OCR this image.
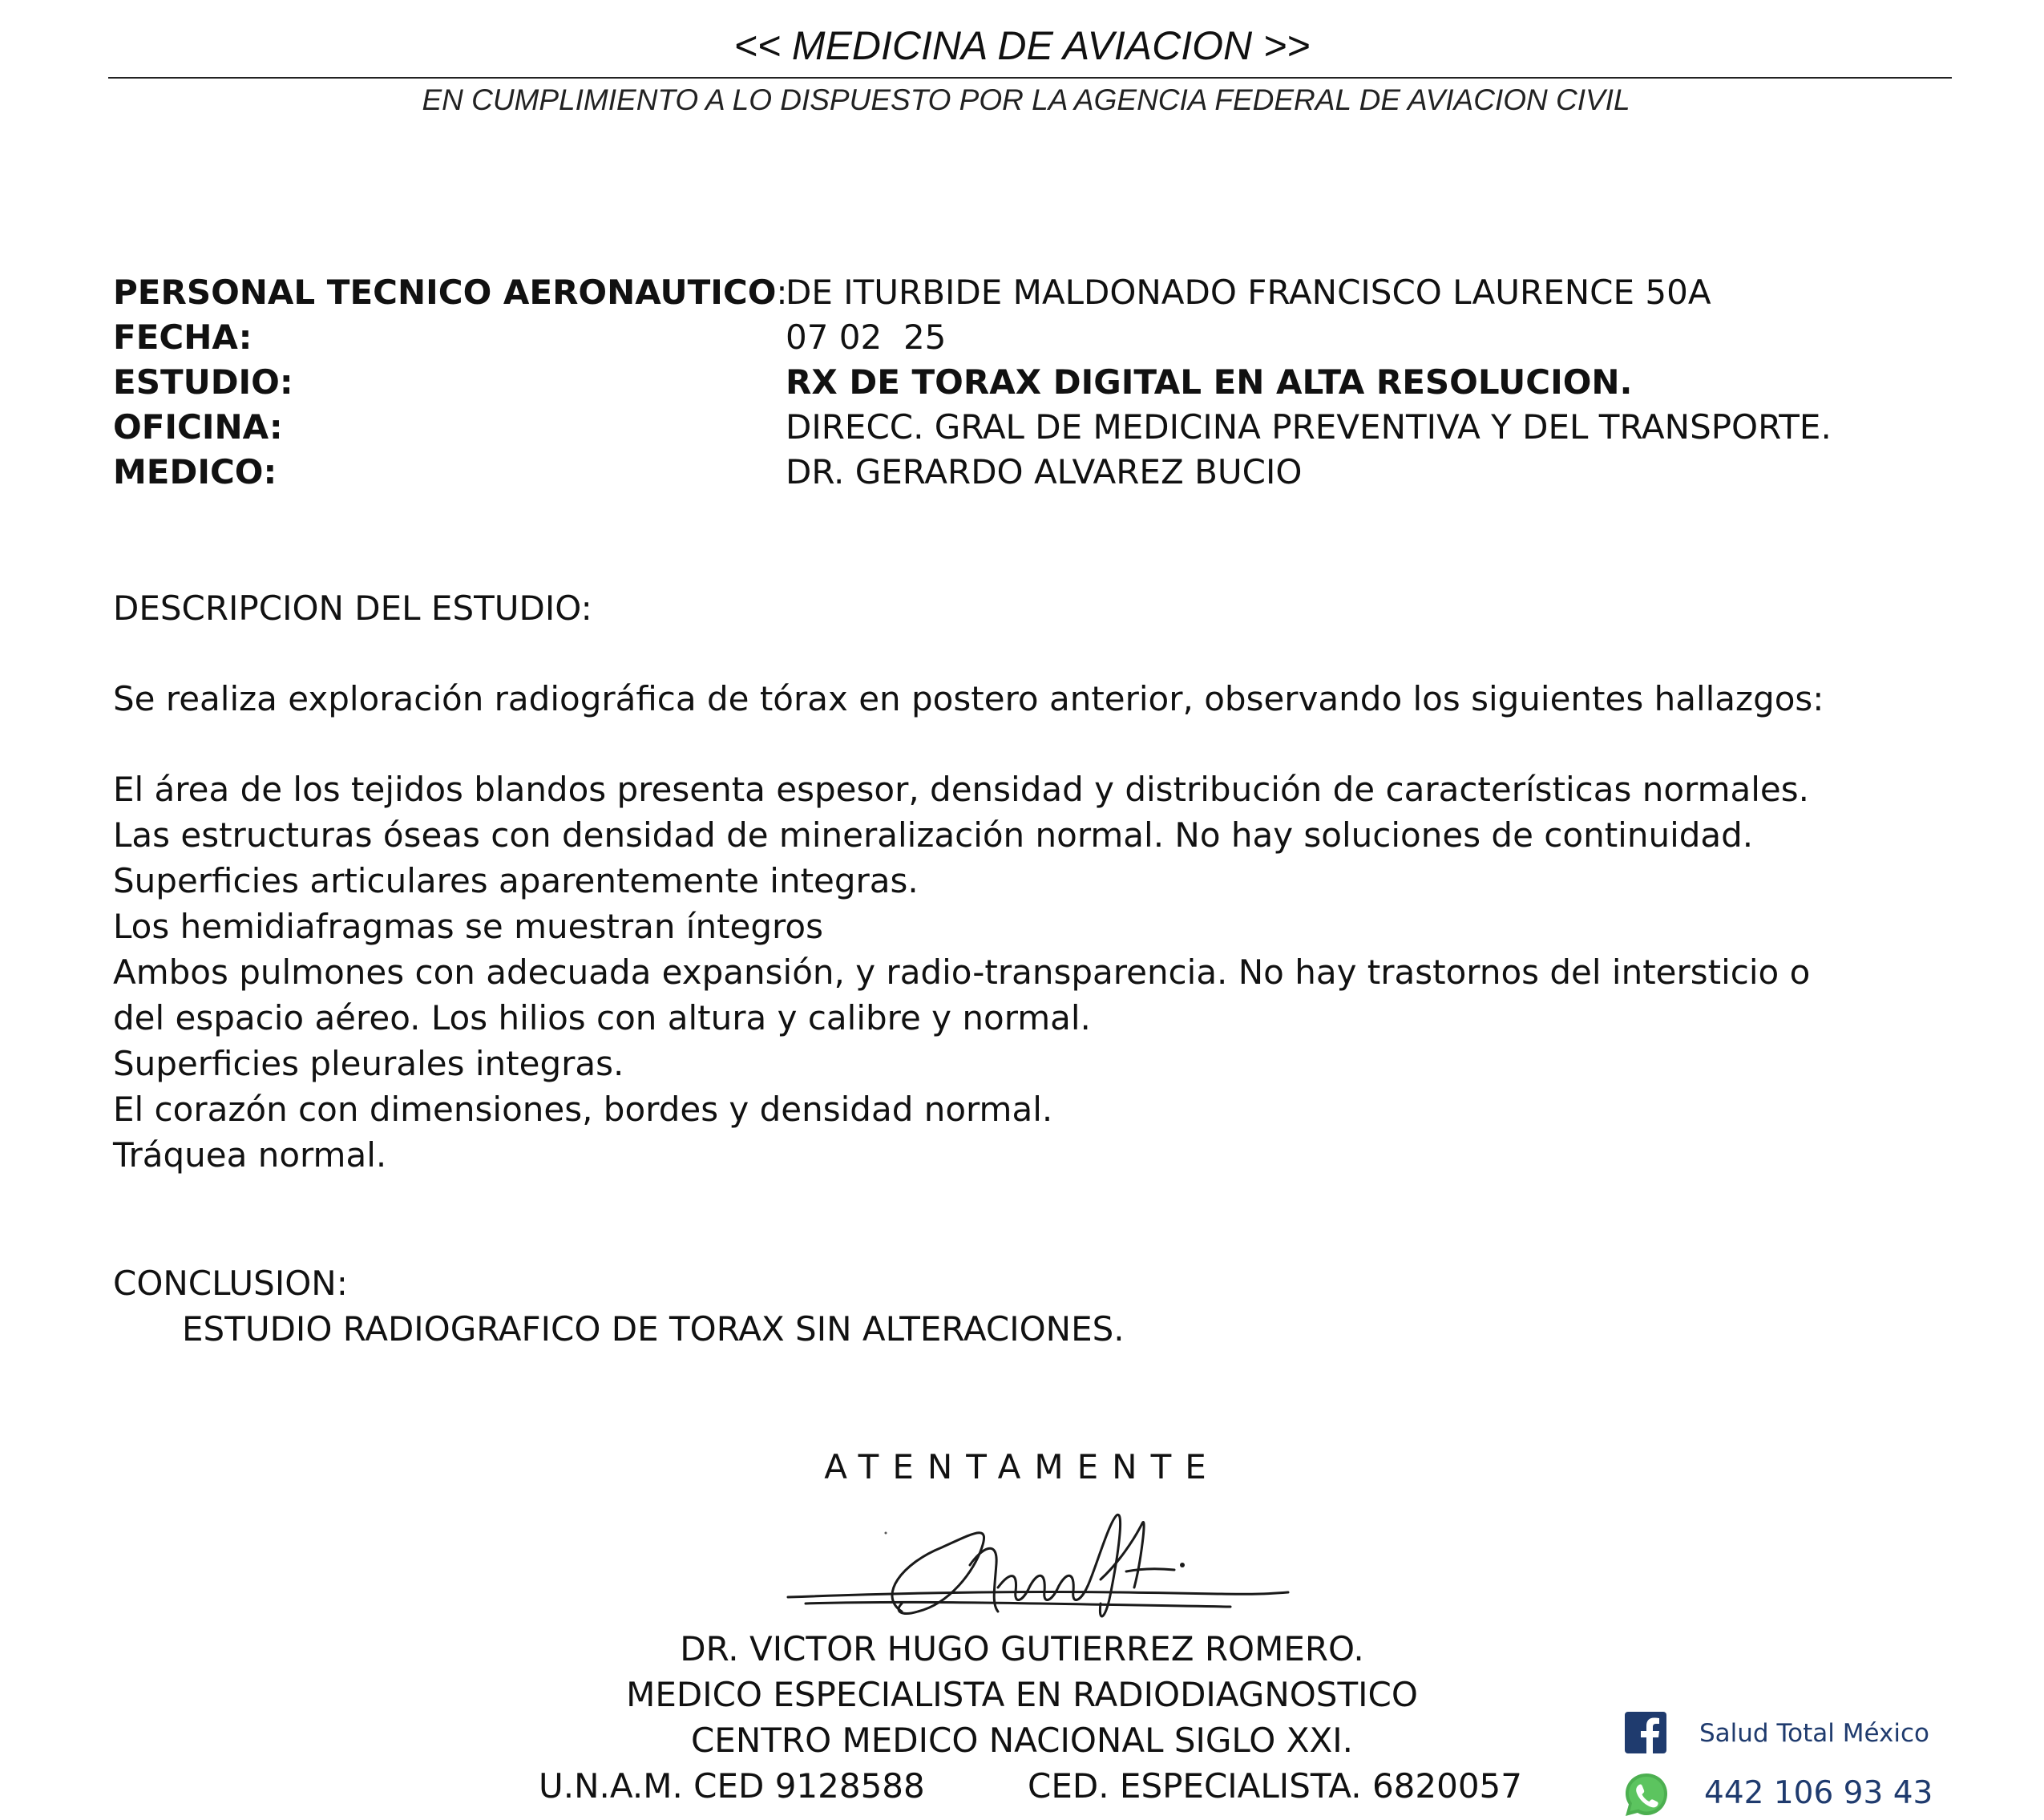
<< MEDICINA DE AVIACION >>
EN CUMPLIMIENTO A LO DISPUESTO POR LA AGENCIA FEDERAL DE AVIACION CIVIL
PERSONAL TECNICO AERONAUTICO:
DE ITURBIDE MALDONADO FRANCISCO LAURENCE 50A
FECHA:	07 02  25
ESTUDIO:	RX DE TORAX DIGITAL EN ALTA RESOLUCION.
OFICINA:	DIRECC. GRAL DE MEDICINA PREVENTIVA Y DEL TRANSPORTE.
MEDICO:	DR. GERARDO ALVAREZ BUCIO
DESCRIPCION DEL ESTUDIO:
Se realiza exploración radiográfica de tórax en postero anterior, observando los siguientes hallazgos:
El área de los tejidos blandos presenta espesor, densidad y distribución de características normales.
Las estructuras óseas con densidad de mineralización normal. No hay soluciones de continuidad.
Superficies articulares aparentemente integras.
Los hemidiafragmas se muestran íntegros
Ambos pulmones con adecuada expansión, y radio-transparencia. No hay trastornos del intersticio o
del espacio aéreo. Los hilios con altura y calibre y normal.
Superficies pleurales integras.
El corazón con dimensiones, bordes y densidad normal.
Tráquea normal.
CONCLUSION:
ESTUDIO RADIOGRAFICO DE TORAX SIN ALTERACIONES.
ATENTAMENTE
DR. VICTOR HUGO GUTIERREZ ROMERO.
MEDICO ESPECIALISTA EN RADIODIAGNOSTICO
CENTRO MEDICO NACIONAL SIGLO XXI.
U.N.A.M. CED 9128588	CED. ESPECIALISTA. 6820057
Salud Total México
442 106 93 43
